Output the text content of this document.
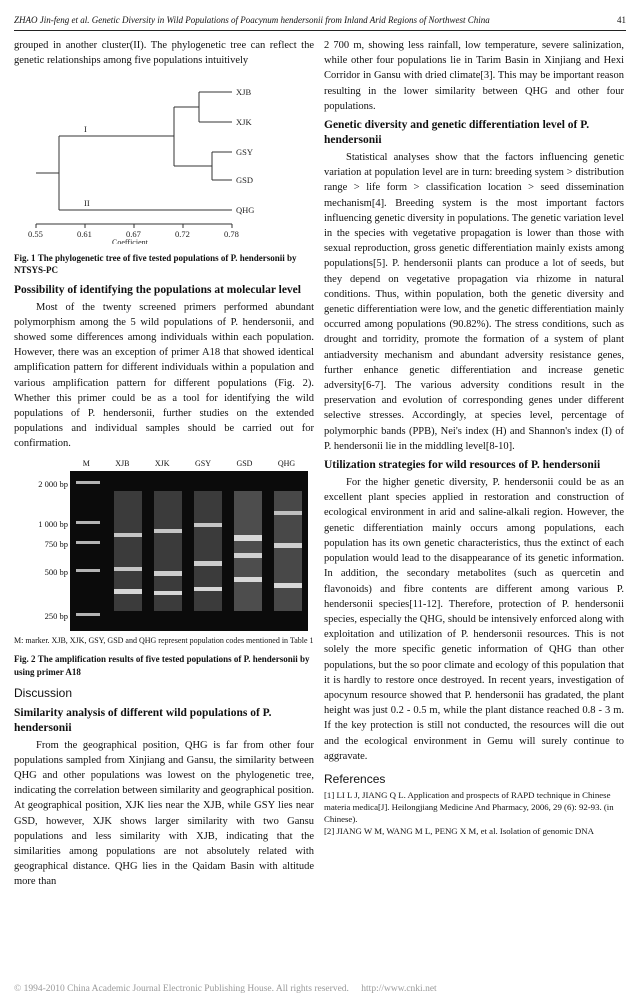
ZHAO Jin-feng et al. Genetic Diversity in Wild Populations of Poacynum hendersonii from Inland Arid Regions of Northwest China	41

grouped in another cluster(II). The phylogenetic tree can reflect the genetic relationships among five populations intuitively

XJB
XJK
GSY
GSD
QHG
I
II
0.55	0.61	0.67	0.72	0.78
Coefficient

Fig. 1 The phylogenetic tree of five tested populations of P. hendersonii by NTSYS-PC

Possibility of identifying the populations at molecular level

Most of the twenty screened primers performed abundant polymorphism among the 5 wild populations of P. hendersonii, and showed some differences among individuals within each population. However, there was an exception of primer A18 that showed identical amplification pattern for different individuals within a population and various amplification pattern for different populations (Fig. 2). Whether this primer could be as a tool for identifying the wild populations of P. hendersonii, further studies on the extended populations and individual samples should be carried out for confirmation.

M	XJB	XJK	GSY	GSD	QHG
2 000 bp
1 000 bp
750 bp
500 bp
250 bp

M: marker. XJB, XJK, GSY, GSD and QHG represent population codes mentioned in Table 1

Fig. 2 The amplification results of five tested populations of P. hendersonii by using primer A18

Discussion
Similarity analysis of different wild populations of P. hendersonii

From the geographical position, QHG is far from other four populations sampled from Xinjiang and Gansu, the similarity between QHG and other populations was lowest on the phylogenetic tree, indicating the correlation between similarity and geographical position. At geographical position, XJK lies near the XJB, while GSY lies near GSD, however, XJK shows larger similarity with two Gansu populations and less similarity with XJB, indicating that the similarities among populations are not absolutely related with geographical distance. QHG lies in the Qaidam Basin with altitude more than

2 700 m, showing less rainfall, low temperature, severe salinization, while other four populations lie in Tarim Basin in Xinjiang and Hexi Corridor in Gansu with dried climate[3]. This may be important reason resulting in the lower similarity between QHG and other four populations.

Genetic diversity and genetic differentiation level of P. hendersonii

Statistical analyses show that the factors influencing genetic variation at population level are in turn: breeding system > distribution range > life form > classification location > seed dissemination mechanism[4]. Breeding system is the most important factors influencing genetic diversity in populations. The genetic variation level in the species with vegetative propagation is lower than those with sexual reproduction, gross genetic differentiation mainly exists among populations[5]. P. hendersonii plants can produce a lot of seeds, but they depend on vegetative propagation via rhizome in natural conditions. Thus, within population, both the genetic diversity and genetic differentiation were low, and the genetic differentiation mainly occurred among populations (90.82%). The stress conditions, such as drought and torridity, promote the formation of a system of plant antiadversity mechanism and abundant adversity resistance genes, further enhance genetic differentiation and increase genetic adversity[6-7]. The various adversity conditions result in the preservation and evolution of corresponding genes under different selective stresses. Accordingly, at species level, percentage of polymorphic bands (PPB), Nei's index (H) and Shannon's index (I) of P. hendersonii lie in the middling level[8-10].

Utilization strategies for wild resources of P. hendersonii

For the higher genetic diversity, P. hendersonii could be as an excellent plant species applied in restoration and construction of ecological environment in arid and saline-alkali region. However, the genetic differentiation mainly occurs among populations, each population has its own genetic characteristics, thus the extinct of each population would lead to the disappearance of its genetic information. In addition, the secondary metabolites (such as quercetin and flavonoids) and fibre contents are different among various P. hendersonii species[11-12]. Therefore, protection of P. hendersonii species, especially the QHG, should be intensively enforced along with exploitation and utilization of P. hendersonii resources. This is not solely the more specific genetic information of QHG than other populations, but the so poor climate and ecology of this population that it is hardly to restore once destroyed. In recent years, investigation of apocynum resource showed that P. hendersonii has gradated, the plant height was just 0.2 - 0.5 m, while the plant distance reached 0.8 - 3 m. If the key protection is still not conducted, the resources will die out and the ecological environment in Gemu will surely continue to aggravate.

References

[1] LI L J, JIANG Q L. Application and prospects of RAPD technique in Chinese materia medica[J]. Heilongjiang Medicine And Pharmacy, 2006, 29 (6): 92-93. (in Chinese).

[2] JIANG W M, WANG M L, PENG X M, et al. Isolation of genomic DNA

© 1994-2010 China Academic Journal Electronic Publishing House. All rights reserved. http://www.cnki.net
